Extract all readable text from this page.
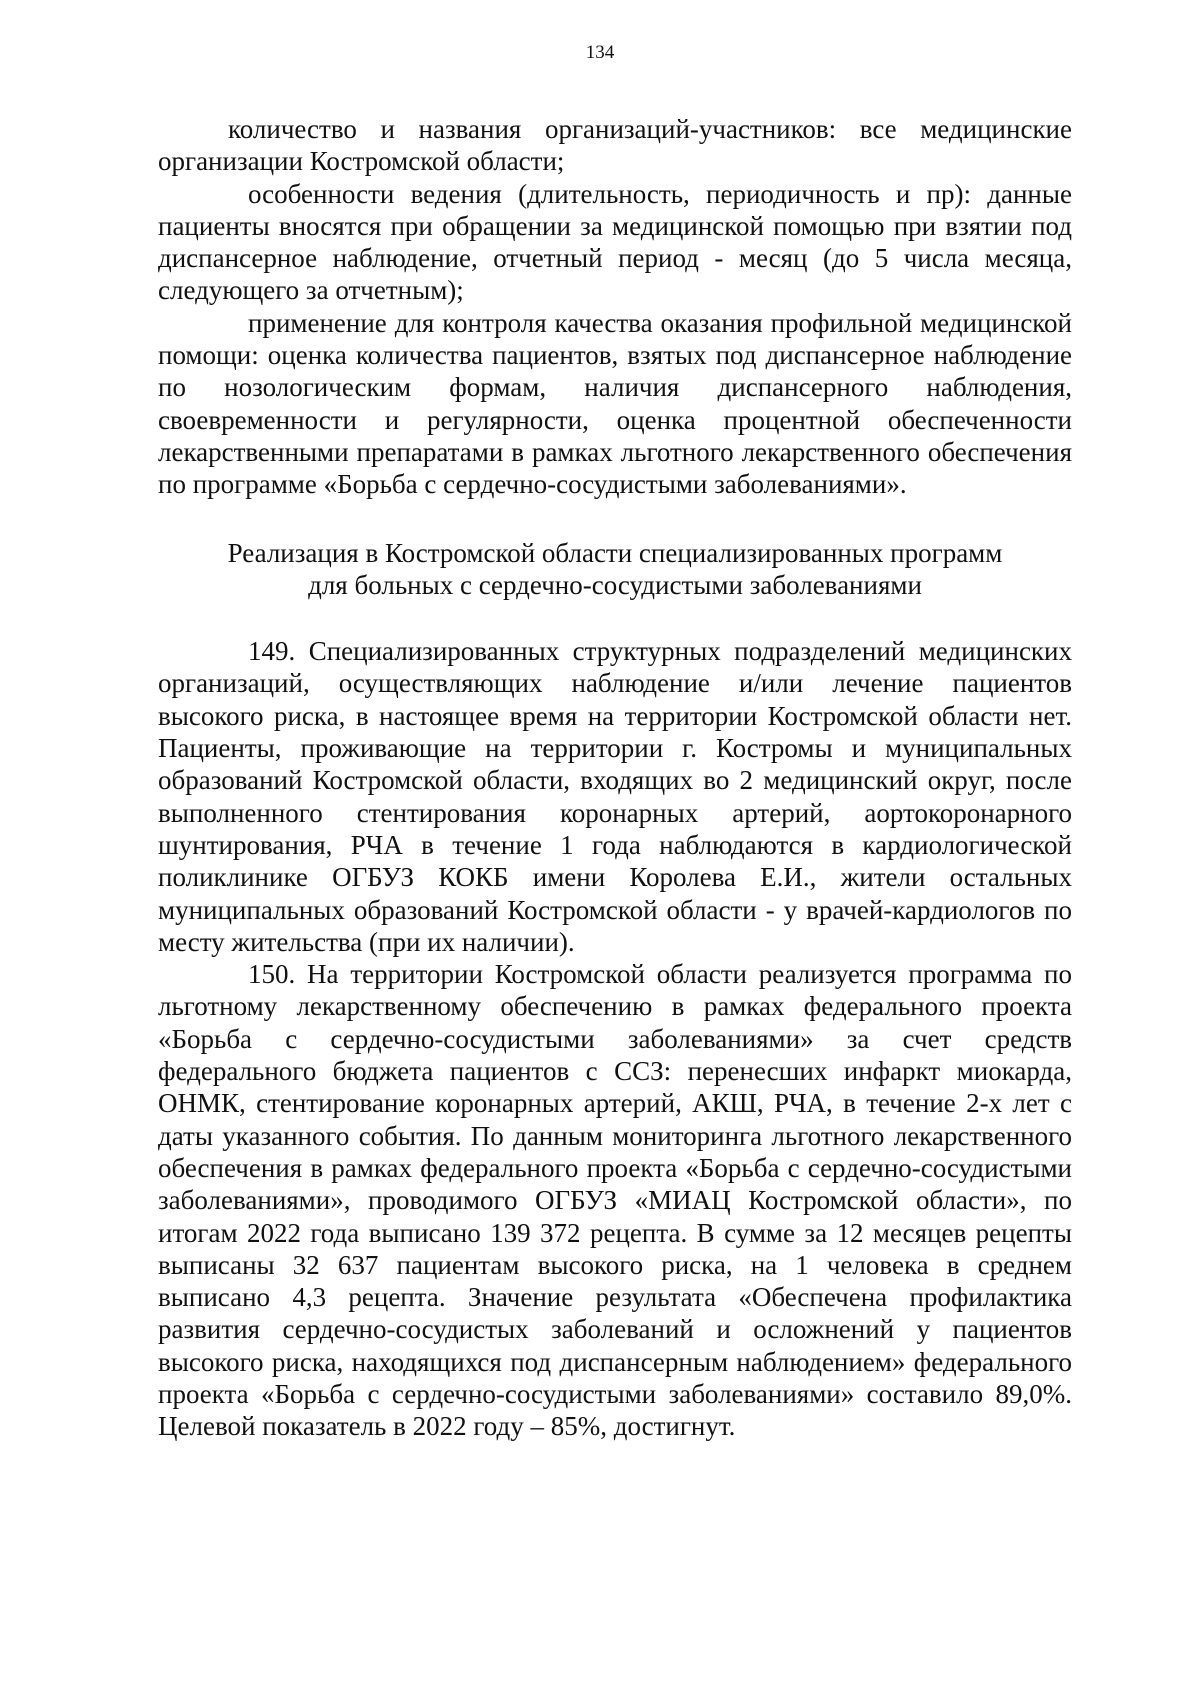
134

количество и названия организаций-участников: все медицинские организации Костромской области;

особенности ведения (длительность, периодичность и пр): данные пациенты вносятся при обращении за медицинской помощью при взятии под диспансерное наблюдение, отчетный период - месяц (до 5 числа месяца, следующего за отчетным);

применение для контроля качества оказания профильной медицинской помощи: оценка количества пациентов, взятых под диспансерное наблюдение по нозологическим формам, наличия диспансерного наблюдения, своевременности и регулярности, оценка процентной обеспеченности лекарственными препаратами в рамках льготного лекарственного обеспечения по программе «Борьба с сердечно-сосудистыми заболеваниями».

Реализация в Костромской области специализированных программ
для больных с сердечно-сосудистыми заболеваниями

149. Специализированных структурных подразделений медицинских организаций, осуществляющих наблюдение и/или лечение пациентов высокого риска, в настоящее время на территории Костромской области нет. Пациенты, проживающие на территории г. Костромы и муниципальных образований Костромской области, входящих во 2 медицинский округ, после выполненного стентирования коронарных артерий, аортокоронарного шунтирования, РЧА в течение 1 года наблюдаются в кардиологической поликлинике ОГБУЗ КОКБ имени Королева Е.И., жители остальных муниципальных образований Костромской области - у врачей-кардиологов по месту жительства (при их наличии).

150. На территории Костромской области реализуется программа по льготному лекарственному обеспечению в рамках федерального проекта «Борьба с сердечно-сосудистыми заболеваниями» за счет средств федерального бюджета пациентов с ССЗ: перенесших инфаркт миокарда, ОНМК, стентирование коронарных артерий, АКШ, РЧА, в течение 2-х лет с даты указанного события. По данным мониторинга льготного лекарственного обеспечения в рамках федерального проекта «Борьба с сердечно-сосудистыми заболеваниями», проводимого ОГБУЗ «МИАЦ Костромской области», по итогам 2022 года выписано 139 372 рецепта. В сумме за 12 месяцев рецепты выписаны 32 637 пациентам высокого риска, на 1 человека в среднем выписано 4,3 рецепта. Значение результата «Обеспечена профилактика развития сердечно-сосудистых заболеваний и осложнений у пациентов высокого риска, находящихся под диспансерным наблюдением» федерального проекта «Борьба с сердечно-сосудистыми заболеваниями» составило 89,0%. Целевой показатель в 2022 году – 85%, достигнут.
